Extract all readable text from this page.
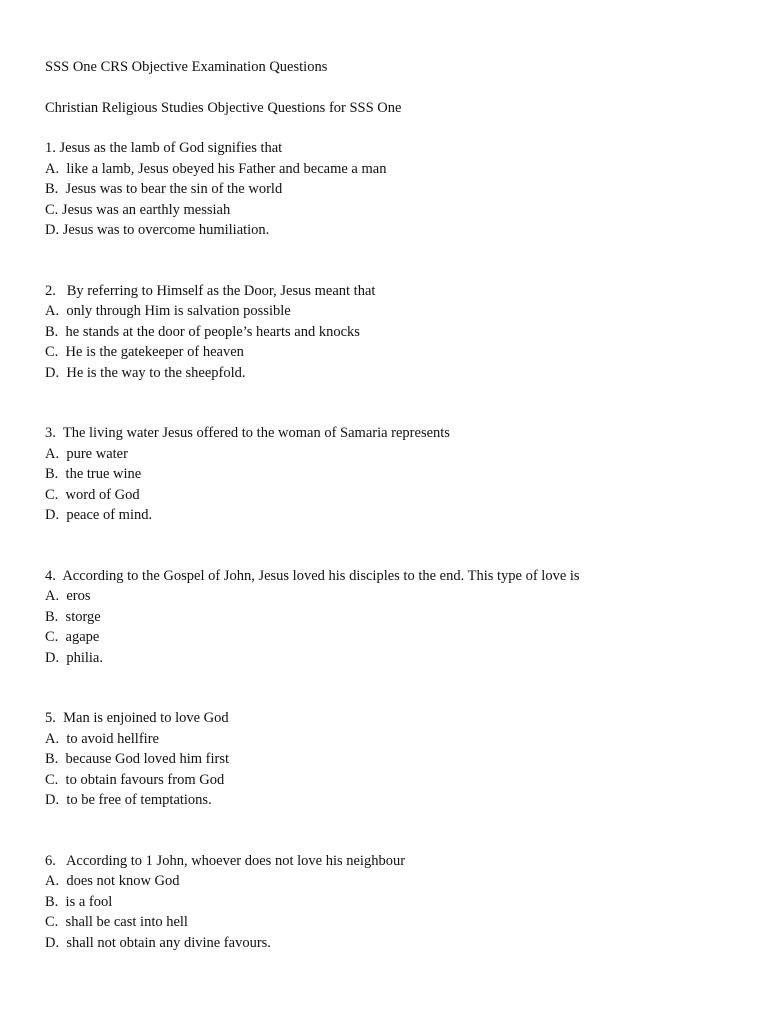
SSS One CRS Objective Examination Questions
Christian Religious Studies Objective Questions for SSS One
1. Jesus as the lamb of God signifies that
A.  like a lamb, Jesus obeyed his Father and became a man
B.  Jesus was to bear the sin of the world
C. Jesus was an earthly messiah
D. Jesus was to overcome humiliation.
2.   By referring to Himself as the Door, Jesus meant that
A.  only through Him is salvation possible
B.  he stands at the door of people’s hearts and knocks
C.  He is the gatekeeper of heaven
D.  He is the way to the sheepfold.
3.  The living water Jesus offered to the woman of Samaria represents
A.  pure water
B.  the true wine
C.  word of God
D.  peace of mind.
4.  According to the Gospel of John, Jesus loved his disciples to the end. This type of love is
A.  eros
B.  storge
C.  agape
D.  philia.
5.  Man is enjoined to love God
A.  to avoid hellfire
B.  because God loved him first
C.  to obtain favours from God
D.  to be free of temptations.
6.   According to 1 John, whoever does not love his neighbour
A.  does not know God
B.  is a fool
C.  shall be cast into hell
D.  shall not obtain any divine favours.
